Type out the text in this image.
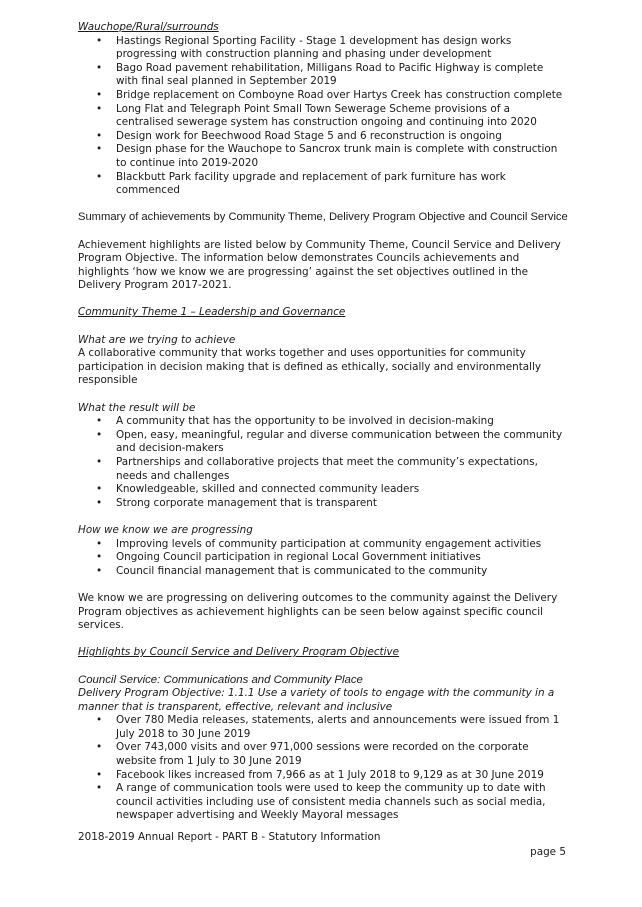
Wauchope/Rural/surrounds

• Hastings Regional Sporting Facility - Stage 1 development has design works progressing with construction planning and phasing under development
• Bago Road pavement rehabilitation, Milligans Road to Pacific Highway is complete with final seal planned in September 2019
• Bridge replacement on Comboyne Road over Hartys Creek has construction complete
• Long Flat and Telegraph Point Small Town Sewerage Scheme provisions of a centralised sewerage system has construction ongoing and continuing into 2020
• Design work for Beechwood Road Stage 5 and 6 reconstruction is ongoing
• Design phase for the Wauchope to Sancrox trunk main is complete with construction to continue into 2019-2020
• Blackbutt Park facility upgrade and replacement of park furniture has work commenced

Summary of achievements by Community Theme, Delivery Program Objective and Council Service

Achievement highlights are listed below by Community Theme, Council Service and Delivery Program Objective. The information below demonstrates Councils achievements and highlights ‘how we know we are progressing’ against the set objectives outlined in the Delivery Program 2017-2021.

Community Theme 1 – Leadership and Governance

What are we trying to achieve

A collaborative community that works together and uses opportunities for community participation in decision making that is defined as ethically, socially and environmentally responsible

What the result will be

• A community that has the opportunity to be involved in decision-making
• Open, easy, meaningful, regular and diverse communication between the community and decision-makers
• Partnerships and collaborative projects that meet the community’s expectations, needs and challenges
• Knowledgeable, skilled and connected community leaders
• Strong corporate management that is transparent

How we know we are progressing

• Improving levels of community participation at community engagement activities
• Ongoing Council participation in regional Local Government initiatives
• Council financial management that is communicated to the community

We know we are progressing on delivering outcomes to the community against the Delivery Program objectives as achievement highlights can be seen below against specific council services.

Highlights by Council Service and Delivery Program Objective

Council Service: Communications and Community Place

Delivery Program Objective: 1.1.1 Use a variety of tools to engage with the community in a manner that is transparent, effective, relevant and inclusive

• Over 780 Media releases, statements, alerts and announcements were issued from 1 July 2018 to 30 June 2019
• Over 743,000 visits and over 971,000 sessions were recorded on the corporate website from 1 July to 30 June 2019
• Facebook likes increased from 7,966 as at 1 July 2018 to 9,129 as at 30 June 2019
• A range of communication tools were used to keep the community up to date with council activities including use of consistent media channels such as social media, newspaper advertising and Weekly Mayoral messages

2018-2019 Annual Report - PART B - Statutory Information

page 5
